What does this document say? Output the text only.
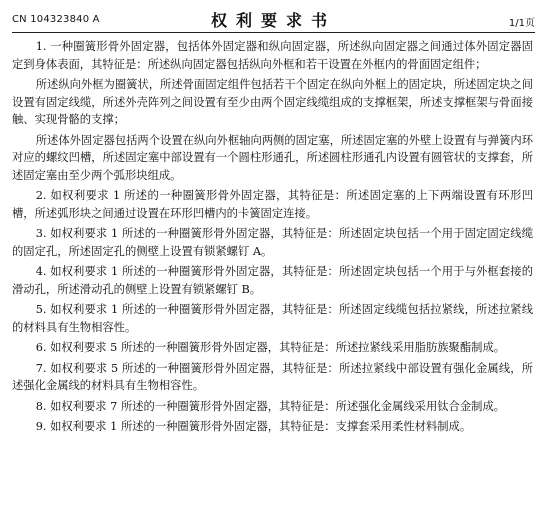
CN 104323840 A	权利要求书	1/1页

1. 一种圈簧形骨外固定器，包括体外固定器和纵向固定器，所述纵向固定器之间通过体外固定器固定到身体表面，其特征是：所述纵向固定器包括纵向外框和若干设置在外框内的骨面固定组件；

所述纵向外框为圈簧状，所述骨面固定组件包括若干个固定在纵向外框上的固定块，所述固定块之间设置有固定线缆，所述外壳阵列之间设置有至少由两个固定线缆组成的支撑框架，所述支撑框架与骨面接触、实现骨骼的支撑；

所述体外固定器包括两个设置在纵向外框轴向两侧的固定塞，所述固定塞的外壁上设置有与弹簧内环对应的螺纹凹槽，所述固定塞中部设置有一个圆柱形通孔，所述圆柱形通孔内设置有圆管状的支撑套，所述固定塞由至少两个弧形块组成。

2. 如权利要求 1 所述的一种圈簧形骨外固定器，其特征是：所述固定塞的上下两端设置有环形凹槽，所述弧形块之间通过设置在环形凹槽内的卡簧固定连接。

3. 如权利要求 1 所述的一种圈簧形骨外固定器，其特征是：所述固定块包括一个用于固定固定线缆的固定孔，所述固定孔的侧壁上设置有锁紧螺钉 A。

4. 如权利要求 1 所述的一种圈簧形骨外固定器，其特征是：所述固定块包括一个用于与外框套接的滑动孔，所述滑动孔的侧壁上设置有锁紧螺钉 B。

5. 如权利要求 1 所述的一种圈簧形骨外固定器，其特征是：所述固定线缆包括拉紧线，所述拉紧线的材料具有生物相容性。

6. 如权利要求 5 所述的一种圈簧形骨外固定器，其特征是：所述拉紧线采用脂肪族聚酯制成。

7. 如权利要求 5 所述的一种圈簧形骨外固定器，其特征是：所述拉紧线中部设置有强化金属线，所述强化金属线的材料具有生物相容性。

8. 如权利要求 7 所述的一种圈簧形骨外固定器，其特征是：所述强化金属线采用钛合金制成。

9. 如权利要求 1 所述的一种圈簧形骨外固定器，其特征是：支撑套采用柔性材料制成。
